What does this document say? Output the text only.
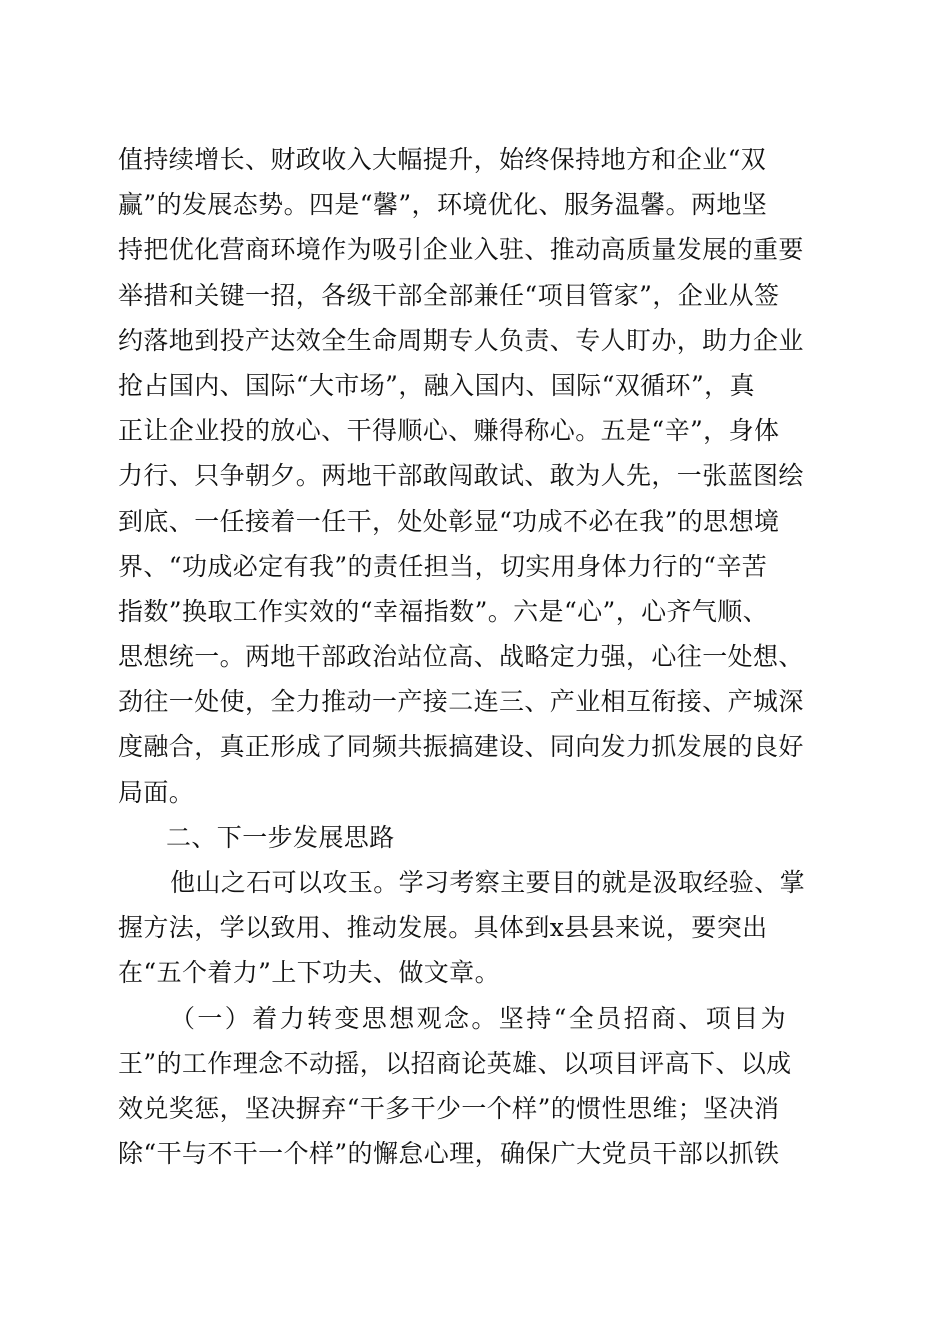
值持续增长、财政收入大幅提升，始终保持地方和企业“双
赢”的发展态势。四是“馨”，环境优化、服务温馨。两地坚
持把优化营商环境作为吸引企业入驻、推动高质量发展的重要
举措和关键一招，各级干部全部兼任“项目管家”，企业从签
约落地到投产达效全生命周期专人负责、专人盯办，助力企业
抢占国内、国际“大市场”，融入国内、国际“双循环”，真
正让企业投的放心、干得顺心、赚得称心。五是“辛”，身体
力行、只争朝夕。两地干部敢闯敢试、敢为人先，一张蓝图绘
到底、一任接着一任干，处处彰显“功成不必在我”的思想境
界、“功成必定有我”的责任担当，切实用身体力行的“辛苦
指数”换取工作实效的“幸福指数”。六是“心”，心齐气顺、
思想统一。两地干部政治站位高、战略定力强，心往一处想、
劲往一处使，全力推动一产接二连三、产业相互衔接、产城深
度融合，真正形成了同频共振搞建设、同向发力抓发展的良好
局面。
二、下一步发展思路
他山之石可以攻玉。学习考察主要目的就是汲取经验、掌
握方法，学以致用、推动发展。具体到x县县来说，要突出
在“五个着力”上下功夫、做文章。
（一）着力转变思想观念。坚持“全员招商、项目为
王”的工作理念不动摇，以招商论英雄、以项目评高下、以成
效兑奖惩，坚决摒弃“干多干少一个样”的惯性思维；坚决消
除“干与不干一个样”的懈怠心理，确保广大党员干部以抓铁
